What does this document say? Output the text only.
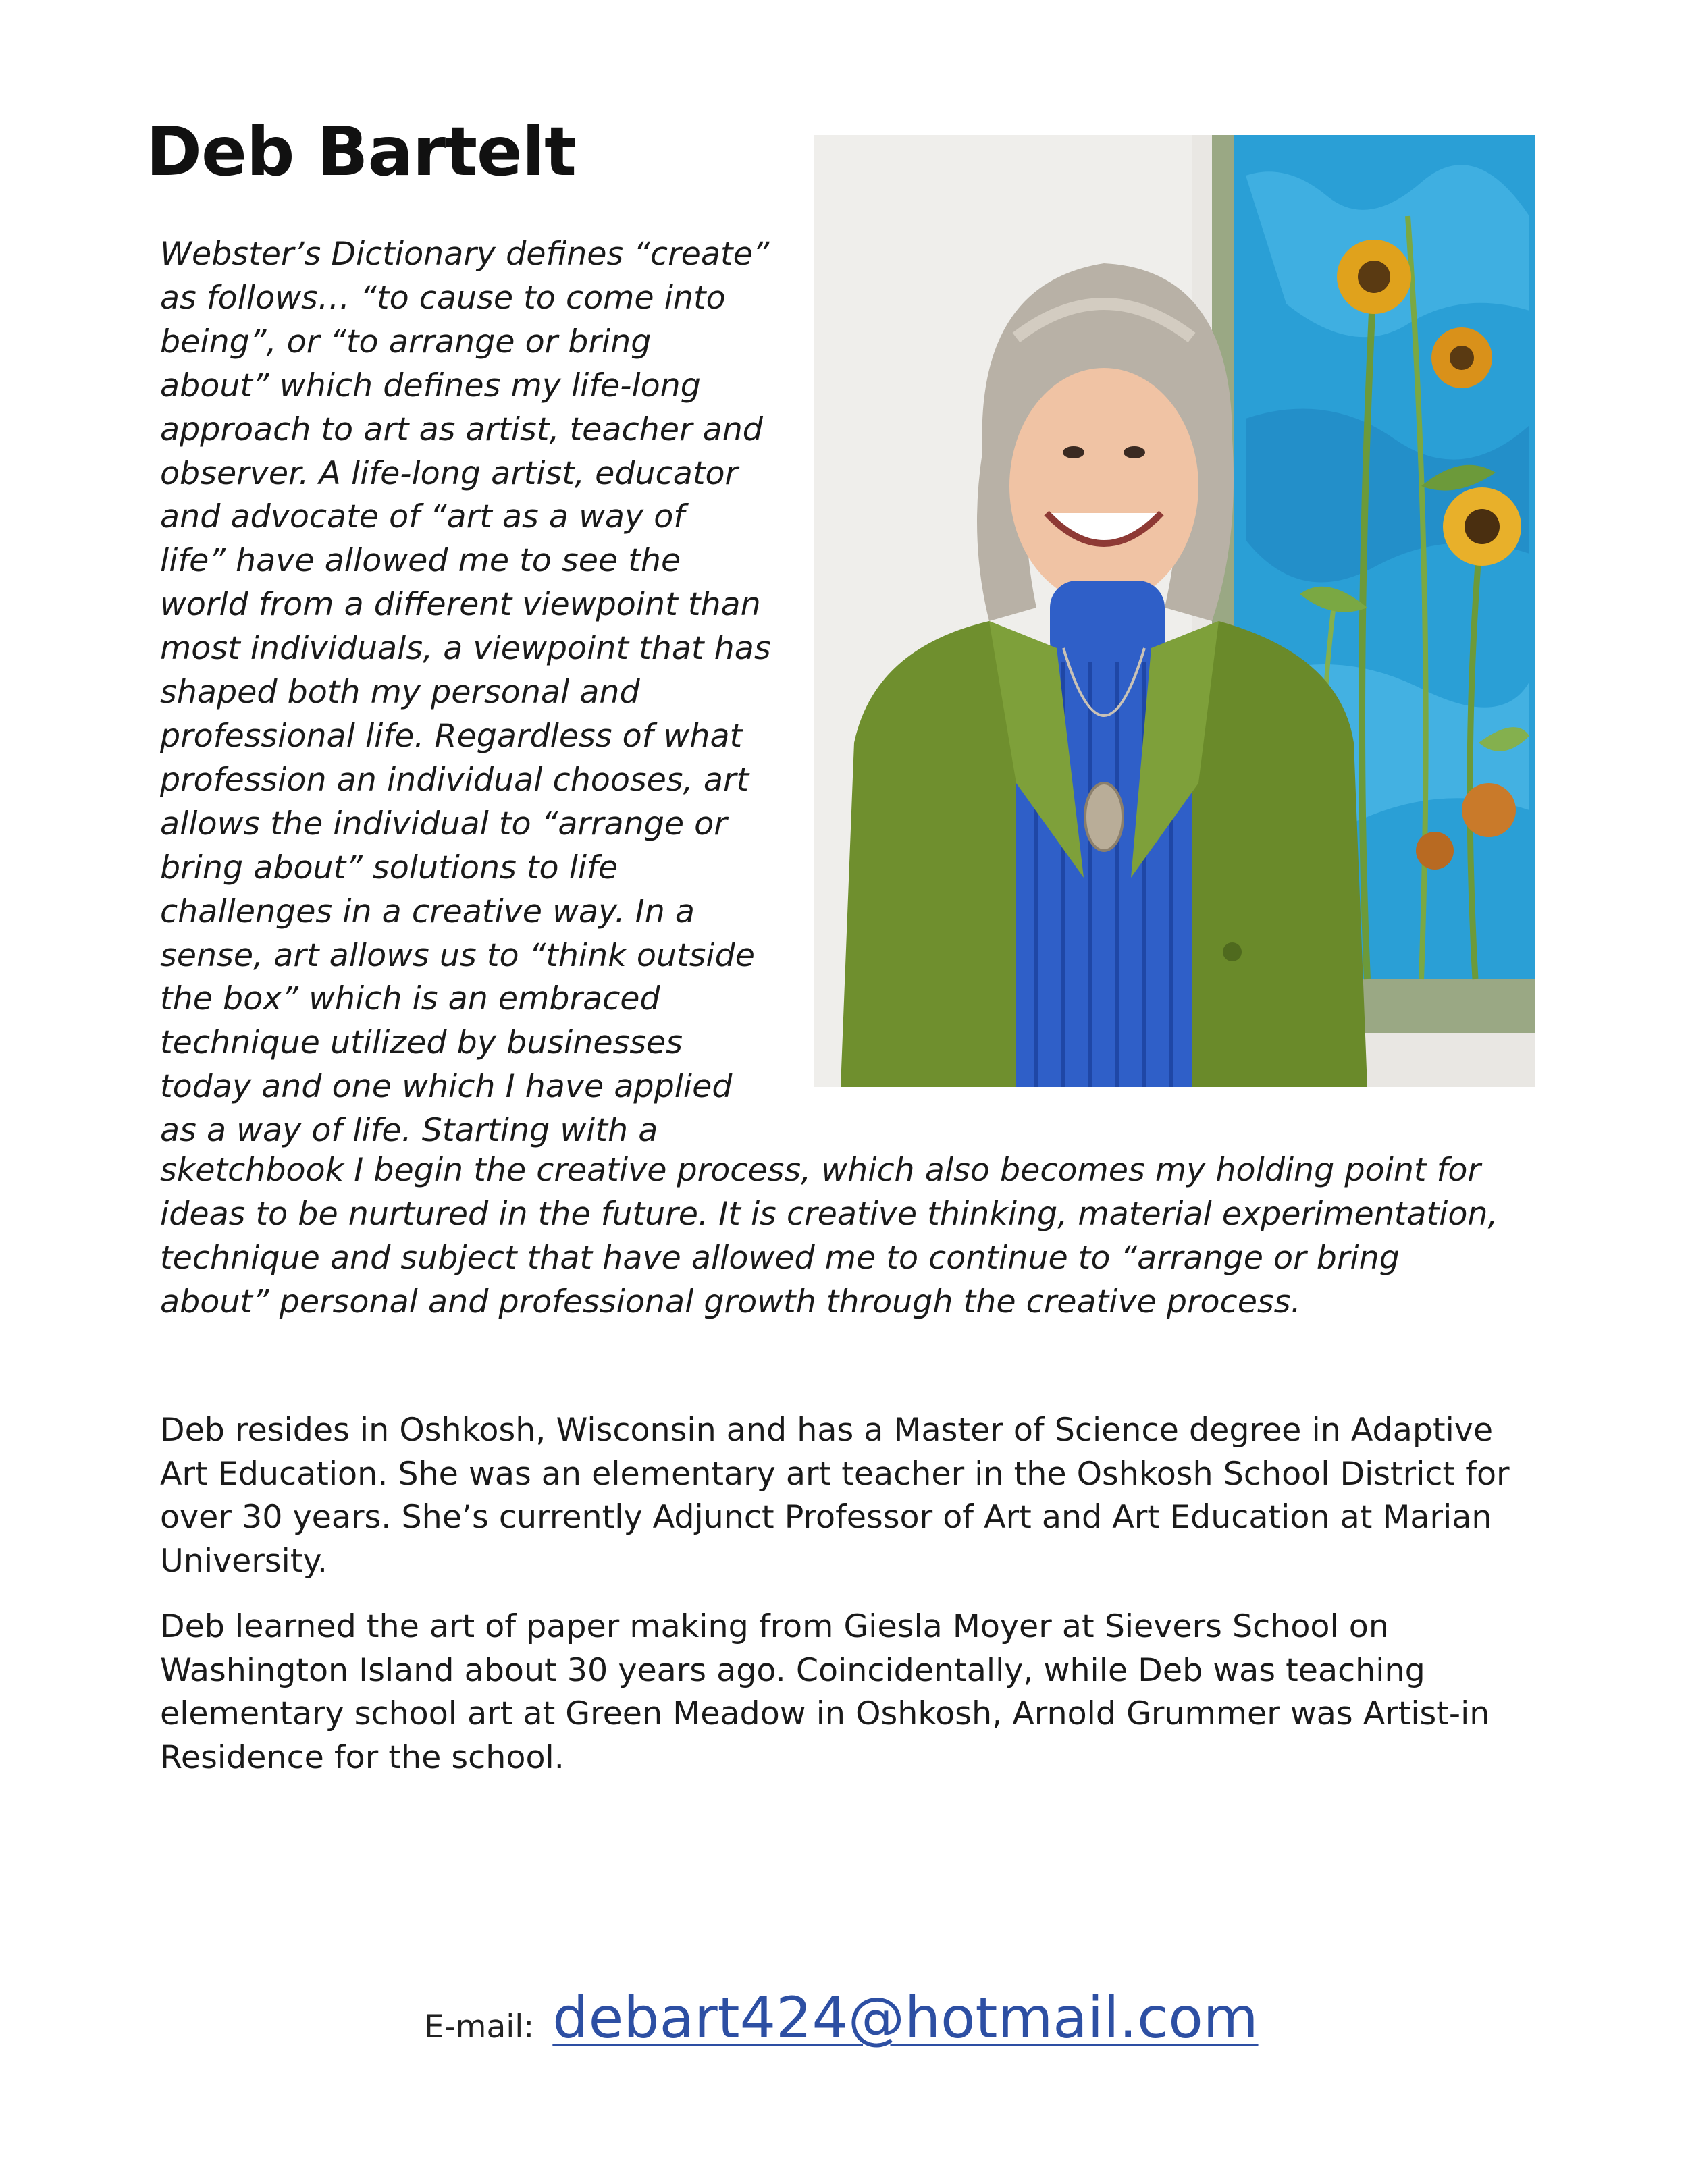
Deb Bartelt
Webster’s Dictionary defines “create”
as follows… “to cause to come into
being”, or “to arrange or bring
about” which defines my life-long
approach to art as artist, teacher and
observer. A life-long artist, educator
and advocate of “art as a way of
life” have allowed me to see the
world from a different viewpoint than
most individuals, a viewpoint that has
shaped both my personal and
professional life. Regardless of what
profession an individual chooses, art
allows the individual to “arrange or
bring about” solutions to life
challenges in a creative way. In a
sense, art allows us to “think outside
the box” which is an embraced
technique utilized by businesses
today and one which I have applied
as a way of life. Starting with a
sketchbook I begin the creative process, which also becomes my holding point for
ideas to be nurtured in the future. It is creative thinking, material experimentation,
technique and subject that have allowed me to continue to “arrange or bring
about” personal and professional growth through the creative process.
Deb resides in Oshkosh, Wisconsin and has a Master of Science degree in Adaptive
Art Education. She was an elementary art teacher in the Oshkosh School District for
over 30 years. She’s currently Adjunct Professor of Art and Art Education at Marian
University.
Deb learned the art of paper making from Giesla Moyer at Sievers School on
Washington Island about 30 years ago. Coincidentally, while Deb was teaching
elementary school art at Green Meadow in Oshkosh, Arnold Grummer was Artist-in
Residence for the school.
E-mail: debart424@hotmail.com
